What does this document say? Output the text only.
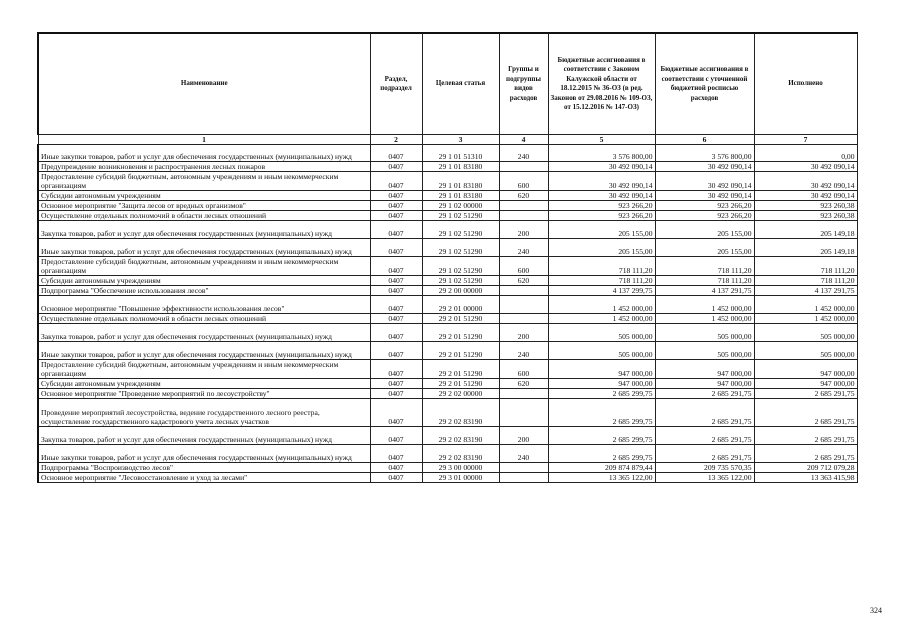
Наименование	Раздел, подраздел	Целевая статья	Группы и подгруппы видов расходов	Бюджетные ассигнования в соответствии с Законом Калужской области от 18.12.2015 № 36-ОЗ (в ред. Законов от 29.08.2016 № 109-ОЗ, от 15.12.2016 № 147-ОЗ)	Бюджетные ассигнования в соответствии с уточненной бюджетной росписью расходов	Исполнено
1	2	3	4	5	6	7
Иные закупки товаров, работ и услуг для обеспечения государственных (муниципальных) нужд	0407	29 1 01 51310	240	3 576 800,00	3 576 800,00	0,00
Предупреждение возникновения и распространения лесных пожаров	0407	29 1 01 83180		30 492 090,14	30 492 090,14	30 492 090,14
Предоставление субсидий бюджетным, автономным учреждениям и иным некоммерческим организациям	0407	29 1 01 83180	600	30 492 090,14	30 492 090,14	30 492 090,14
Субсидии автономным учреждениям	0407	29 1 01 83180	620	30 492 090,14	30 492 090,14	30 492 090,14
Основное мероприятие "Защита лесов от вредных организмов"	0407	29 1 02 00000		923 266,20	923 266,20	923 260,38
Осуществление отдельных полномочий в области лесных отношений	0407	29 1 02 51290		923 266,20	923 266,20	923 260,38
Закупка товаров, работ и услуг для обеспечения государственных (муниципальных) нужд	0407	29 1 02 51290	200	205 155,00	205 155,00	205 149,18
Иные закупки товаров, работ и услуг для обеспечения государственных (муниципальных) нужд	0407	29 1 02 51290	240	205 155,00	205 155,00	205 149,18
Предоставление субсидий бюджетным, автономным учреждениям и иным некоммерческим организациям	0407	29 1 02 51290	600	718 111,20	718 111,20	718 111,20
Субсидии автономным учреждениям	0407	29 1 02 51290	620	718 111,20	718 111,20	718 111,20
Подпрограмма "Обеспечение использования лесов"	0407	29 2 00 00000		4 137 299,75	4 137 291,75	4 137 291,75
Основное мероприятие "Повышение эффективности использования лесов"	0407	29 2 01 00000		1 452 000,00	1 452 000,00	1 452 000,00
Осуществление отдельных полномочий в области лесных отношений	0407	29 2 01 51290		1 452 000,00	1 452 000,00	1 452 000,00
Закупка товаров, работ и услуг для обеспечения государственных (муниципальных) нужд	0407	29 2 01 51290	200	505 000,00	505 000,00	505 000,00
Иные закупки товаров, работ и услуг для обеспечения государственных (муниципальных) нужд	0407	29 2 01 51290	240	505 000,00	505 000,00	505 000,00
Предоставление субсидий бюджетным, автономным учреждениям и иным некоммерческим организациям	0407	29 2 01 51290	600	947 000,00	947 000,00	947 000,00
Субсидии автономным учреждениям	0407	29 2 01 51290	620	947 000,00	947 000,00	947 000,00
Основное мероприятие "Проведение мероприятий по лесоустройству"	0407	29 2 02 00000		2 685 299,75	2 685 291,75	2 685 291,75
Проведение мероприятий лесоустройства, ведение государственного лесного реестра, осуществление государственного кадастрового учета лесных участков	0407	29 2 02 83190		2 685 299,75	2 685 291,75	2 685 291,75
Закупка товаров, работ и услуг для обеспечения государственных (муниципальных) нужд	0407	29 2 02 83190	200	2 685 299,75	2 685 291,75	2 685 291,75
Иные закупки товаров, работ и услуг для обеспечения государственных (муниципальных) нужд	0407	29 2 02 83190	240	2 685 299,75	2 685 291,75	2 685 291,75
Подпрограмма "Воспроизводство лесов"	0407	29 3 00 00000		209 874 879,44	209 735 570,35	209 712 079,28
Основное мероприятие "Лесовосстановление и уход за лесами"	0407	29 3 01 00000		13 365 122,00	13 365 122,00	13 363 415,98
324
